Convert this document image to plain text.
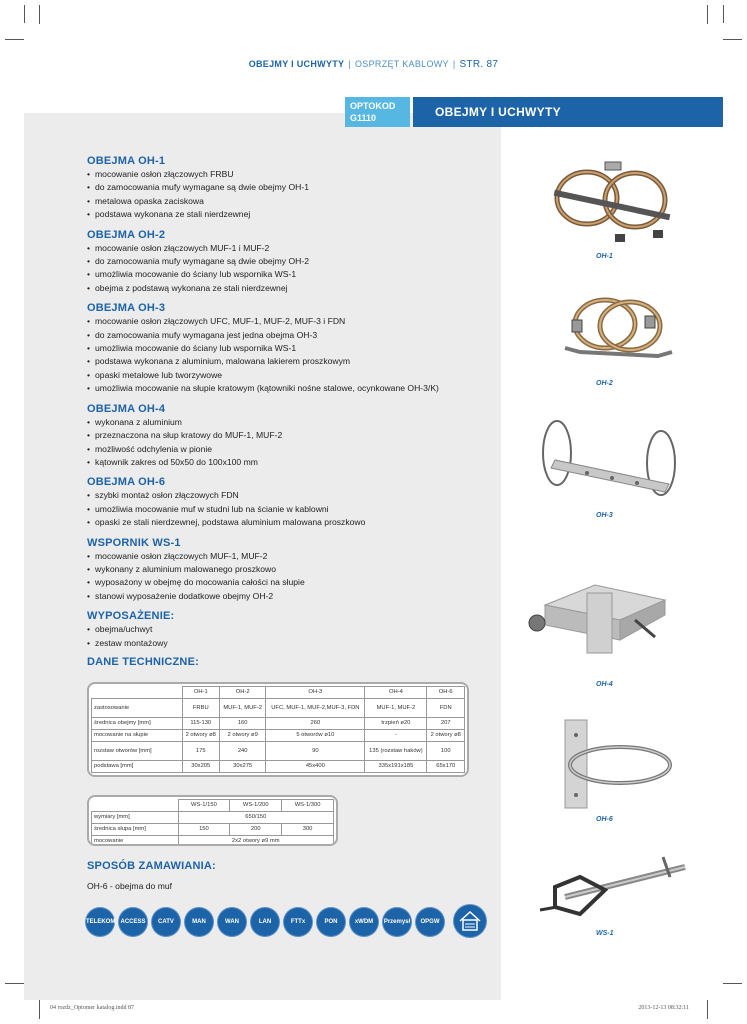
OBEJMY I UCHWYTY | OSPRZĘT KABLOWY | STR. 87
OPTOKOD
G1110	OBEJMY I UCHWYTY
OBEJMA OH-1
• mocowanie osłon złączowych FRBU
• do zamocowania mufy wymagane są dwie obejmy OH-1
• metalowa opaska zaciskowa
• podstawa wykonana ze stali nierdzewnej
OBEJMA OH-2
• mocowanie osłon złączowych MUF-1 i MUF-2
• do zamocowania mufy wymagane są dwie obejmy OH-2
• umożliwia mocowanie do ściany lub wspornika WS-1
• obejma z podstawą wykonana ze stali nierdzewnej
OBEJMA OH-3
• mocowanie osłon złączowych UFC, MUF-1, MUF-2, MUF-3 i FDN
• do zamocowania mufy wymagana jest jedna obejma OH-3
• umożliwia mocowanie do ściany lub wspornika WS-1
• podstawa wykonana z aluminium, malowana lakierem proszkowym
• opaski metalowe lub tworzywowe
• umożliwia mocowanie na słupie kratowym (kątowniki nośne stalowe, ocynkowane OH-3/K)
OBEJMA OH-4
• wykonana z aluminium
• przeznaczona na słup kratowy do MUF-1, MUF-2
• możliwość odchylenia w pionie
• kątownik zakres od 50x50 do 100x100 mm
OBEJMA OH-6
• szybki montaż osłon złączowych FDN
• umożliwia mocowanie muf w studni lub na ścianie w kablowni
• opaski ze stali nierdzewnej, podstawa aluminium malowana proszkowo
WSPORNIK WS-1
• mocowanie osłon złączowych MUF-1, MUF-2
• wykonany z aluminium malowanego proszkowo
• wyposażony w obejmę do mocowania całości na słupie
• stanowi wyposażenie dodatkowe obejmy OH-2
WYPOSAŻENIE:
• obejma/uchwyt
• zestaw montażowy
DANE TECHNICZNE:
	OH-1	OH-2	OH-3	OH-4	OH-6
zastosowanie	FRBU	MUF-1, MUF-2	UFC, MUF-1, MUF-2,MUF-3, FDN	MUF-1, MUF-2	FDN
średnica obejmy [mm]	115-130	160	260	trzpień ø20	207
mocowanie na słupie	2 otwory ø8	2 otwory ø9	5 otworów ø10	-	2 otwory ø8
rozstaw otworów [mm]	175	240	90	135 (rozstaw haków)	100
podstawa [mm]	30x205	30x275	45x400	335x191x185	65x170
	WS-1/150	WS-1/200	WS-1/300
wymiary [mm]	650/150		
średnica słupa [mm]	150	200	300
mocowanie	2x2 otwory ø9 mm		
SPOSÓB ZAMAWIANIA:
OH-6 - obejma do muf
TELEKOM ACCESS	CATV	MAN	WAN	LAN	FTTx	PON	xWDM	Przemysł	OPGW
OH-1
OH-2
OH-3
OH-4
OH-6
WS-1
04 rozdz_Optomer katalog.indd 87	2013-12-13 08:32:11
